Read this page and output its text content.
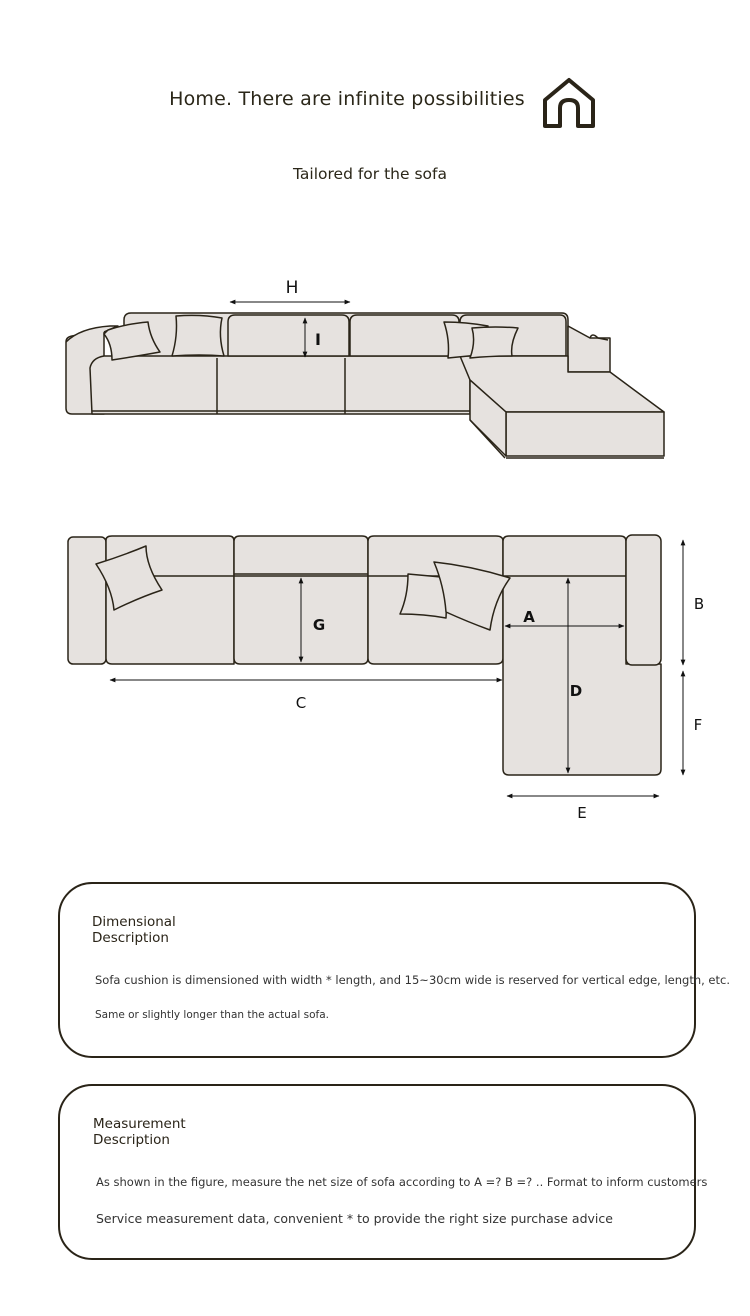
Home. There are infinite possibilities
Tailored for the sofa
H
I
G	A
D
C
B
F
E
Dimensional
Description
Sofa cushion is dimensioned with width * length, and 15~30cm wide is reserved for vertical edge, length, etc.
Same or slightly longer than the actual sofa.
Measurement
Description
As shown in the figure, measure the net size of sofa according to A =? B =? .. Format to inform customers
Service measurement data, convenient * to provide the right size purchase advice
